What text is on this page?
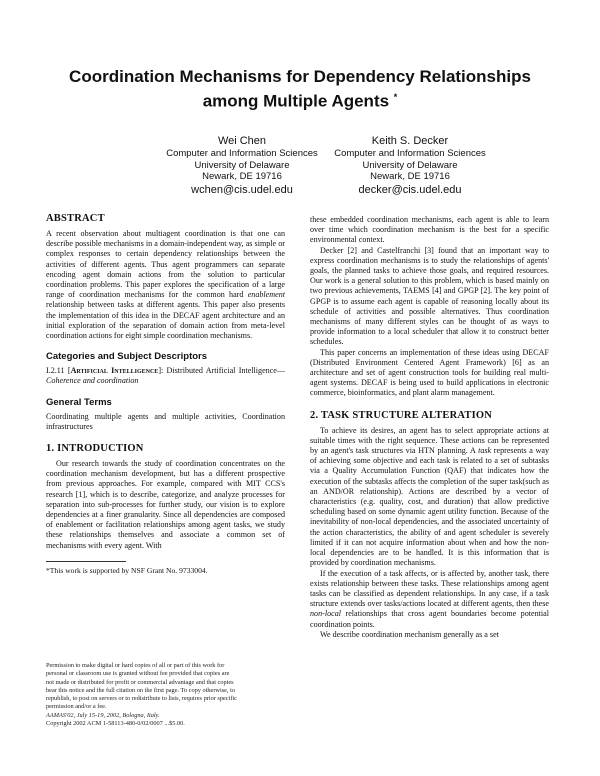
Coordination Mechanisms for Dependency Relationships
among Multiple Agents *
Wei Chen
Computer and Information Sciences
University of Delaware
Newark, DE 19716
wchen@cis.udel.edu
Keith S. Decker
Computer and Information Sciences
University of Delaware
Newark, DE 19716
decker@cis.udel.edu
ABSTRACT

A recent observation about multiagent coordination is that one can describe possible mechanisms in a domain-independent way, as simple or complex responses to certain dependency relationships between the activities of different agents. Thus agent programmers can separate encoding agent domain actions from the solution to particular coordination problems. This paper explores the specification of a large range of coordination mechanisms for the common hard enablement relationship between tasks at different agents. This paper also presents the implementation of this idea in the DECAF agent architecture and an initial exploration of the separation of domain action from meta-level coordination actions for eight simple coordination mechanisms.

Categories and Subject Descriptors

I.2.11 [Artificial Intelligence]: Distributed Artificial Intelligence—Coherence and coordination

General Terms

Coordinating multiple agents and multiple activities, Coordination infrastructures

1. INTRODUCTION

Our research towards the study of coordination concentrates on the coordination mechanism development, but has a different prospective from previous approaches. For example, compared with MIT CCS's research [1], which is to describe, categorize, and analyze processes for separation into sub-processes for further study, our vision is to explore dependencies at a finer granularity. Since all dependencies are composed of enablement or facilitation relationships among agent tasks, we study these relationships themselves and associate a common set of mechanisms with every agent. With

*This work is supported by NSF Grant No. 9733004.

Permission to make digital or hard copies of all or part of this work for
personal or classroom use is granted without fee provided that copies are
not made or distributed for profit or commercial advantage and that copies
bear this notice and the full citation on the first page. To copy otherwise, to
republish, to post on servers or to redistribute to lists, requires prior specific
permission and/or a fee.
AAMAS'02, July 15-19, 2002, Bologna, Italy.
Copyright 2002 ACM 1-58113-480-0/02/0007 ...$5.00.

these embedded coordination mechanisms, each agent is able to learn over time which coordination mechanism is the best for a specific environmental context.

Decker [2] and Castelfranchi [3] found that an important way to express coordination mechanisms is to study the relationships of agents' goals, the planned tasks to achieve those goals, and required resources. Our work is a general solution to this problem, which is based mainly on two previous achievements, TAEMS [4] and GPGP [2]. The key point of GPGP is to assume each agent is capable of reasoning locally about its schedule of activities and possible alternatives. Thus coordination mechanisms of many different styles can be thought of as ways to provide information to a local scheduler that allow it to construct better schedules.

This paper concerns an implementation of these ideas using DECAF (Distributed Environment Centered Agent Framework) [6] as an architecture and set of agent construction tools for building real multi-agent systems. DECAF is being used to build applications in electronic commerce, bioinformatics, and plant alarm management.

2. TASK STRUCTURE ALTERATION

To achieve its desires, an agent has to select appropriate actions at suitable times with the right sequence. These actions can be represented by an agent's task structures via HTN planning. A task represents a way of achieving some objective and each task is related to a set of subtasks via a Quality Accumulation Function (QAF) that indicates how the execution of the subtasks affects the completion of the super task(such as an AND/OR relationship). Actions are described by a vector of characteristics (e.g. quality, cost, and duration) that allow predictive scheduling based on some dynamic agent utility function. Because of the inevitability of non-local dependencies, and the associated uncertainty of the action characteristics, the ability of and agent scheduler is severely limited if it can not acquire information about when and how the non-local dependencies are to be handled. It is this information that is provided by coordination mechanisms.

If the execution of a task affects, or is affected by, another task, there exists relationship between these tasks. These relationships among agent tasks can be classified as dependent relationships. In any case, if a task structure extends over tasks/actions located at different agents, then these non-local relationships that cross agent boundaries become potential coordination points.

We describe coordination mechanism generally as a set
